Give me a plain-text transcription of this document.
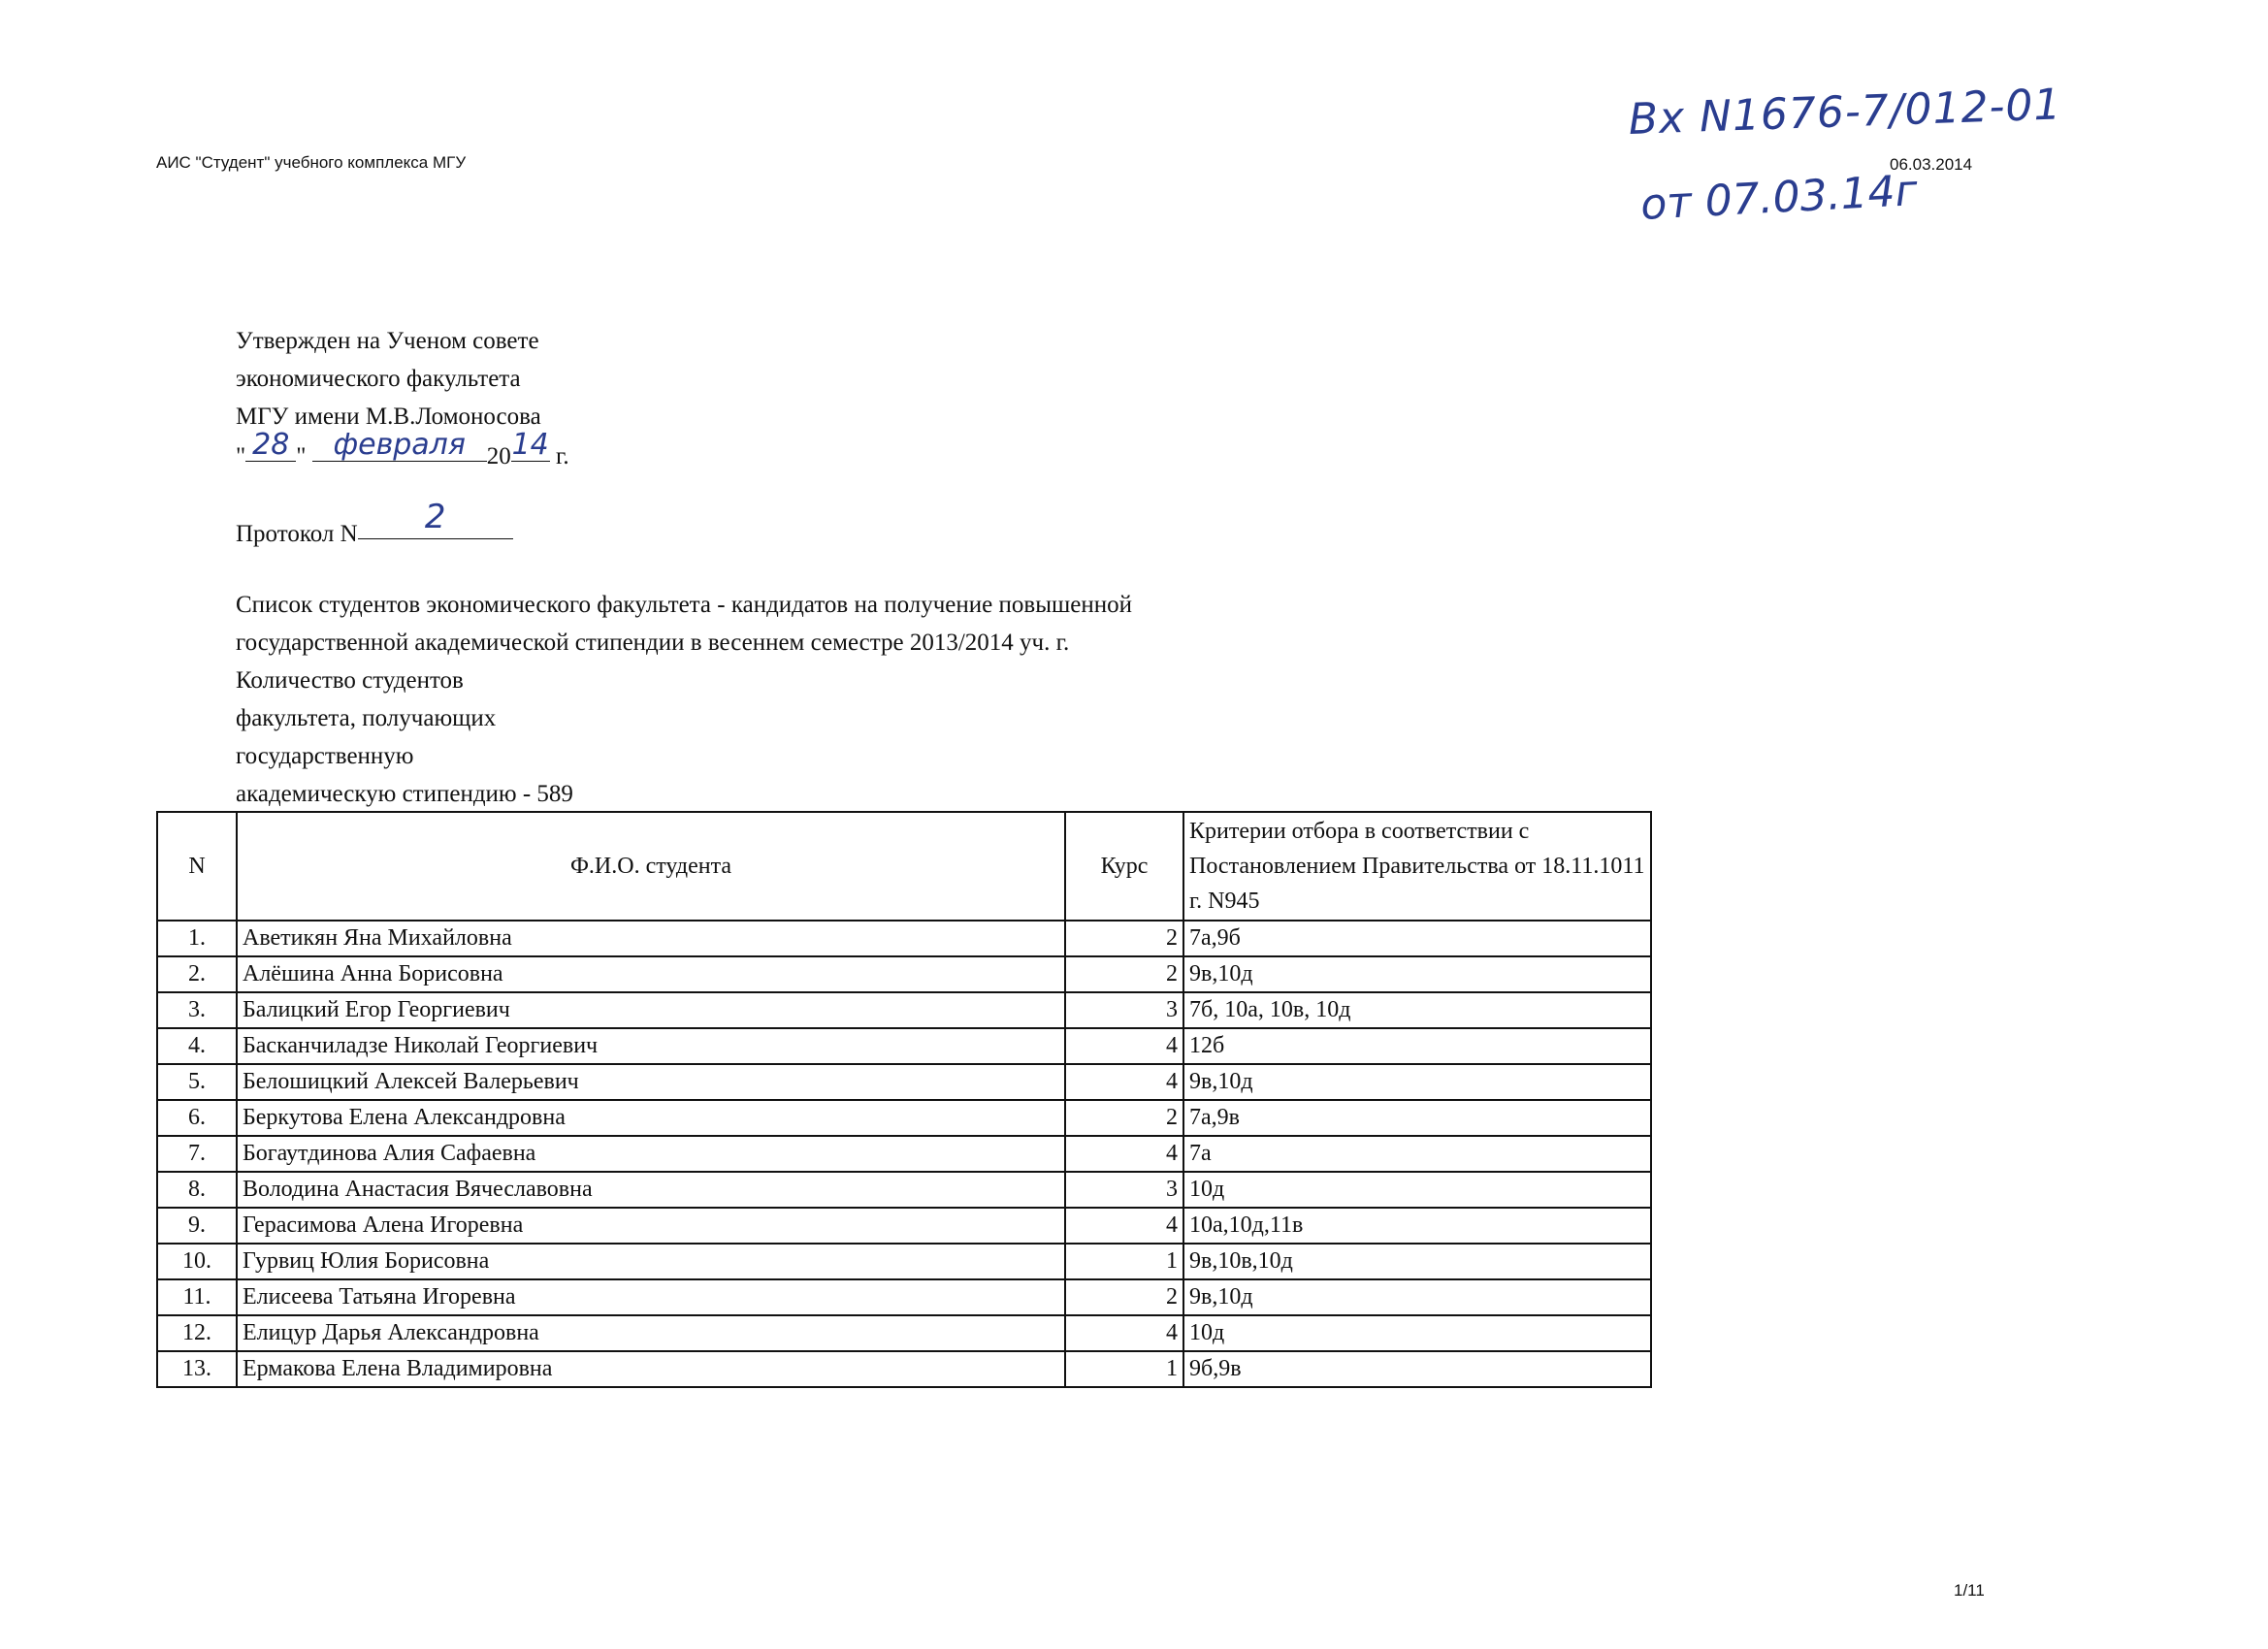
АИС "Студент" учебного комплекса МГУ	06.03.2014
Вх N1676-7/012-01
от 07.03.14г
Утвержден на Ученом совете
экономического факультета
МГУ имени М.В.Ломоносова
" 28 " февраля 2014 г.
Протокол N 2
Список студентов экономического факультета - кандидатов на получение повышенной
государственной академической стипендии в весеннем семестре 2013/2014 уч. г.
Количество студентов
факультета, получающих
государственную
академическую стипендию - 589
N	Ф.И.О. студента	Курс	Критерии отбора в соответствии с Постановлением Правительства от 18.11.1011 г. N945
1.	Аветикян Яна Михайловна	2	7а,9б
2.	Алёшина Анна Борисовна	2	9в,10д
3.	Балицкий Егор Георгиевич	3	7б, 10а, 10в, 10д
4.	Басканчиладзе Николай Георгиевич	4	12б
5.	Белошицкий Алексей Валерьевич	4	9в,10д
6.	Беркутова Елена Александровна	2	7а,9в
7.	Богаутдинова Алия Сафаевна	4	7а
8.	Володина Анастасия Вячеславовна	3	10д
9.	Герасимова Алена Игоревна	4	10а,10д,11в
10.	Гурвиц Юлия Борисовна	1	9в,10в,10д
11.	Елисеева Татьяна Игоревна	2	9в,10д
12.	Елицур Дарья Александровна	4	10д
13.	Ермакова Елена Владимировна	1	9б,9в
1/11
